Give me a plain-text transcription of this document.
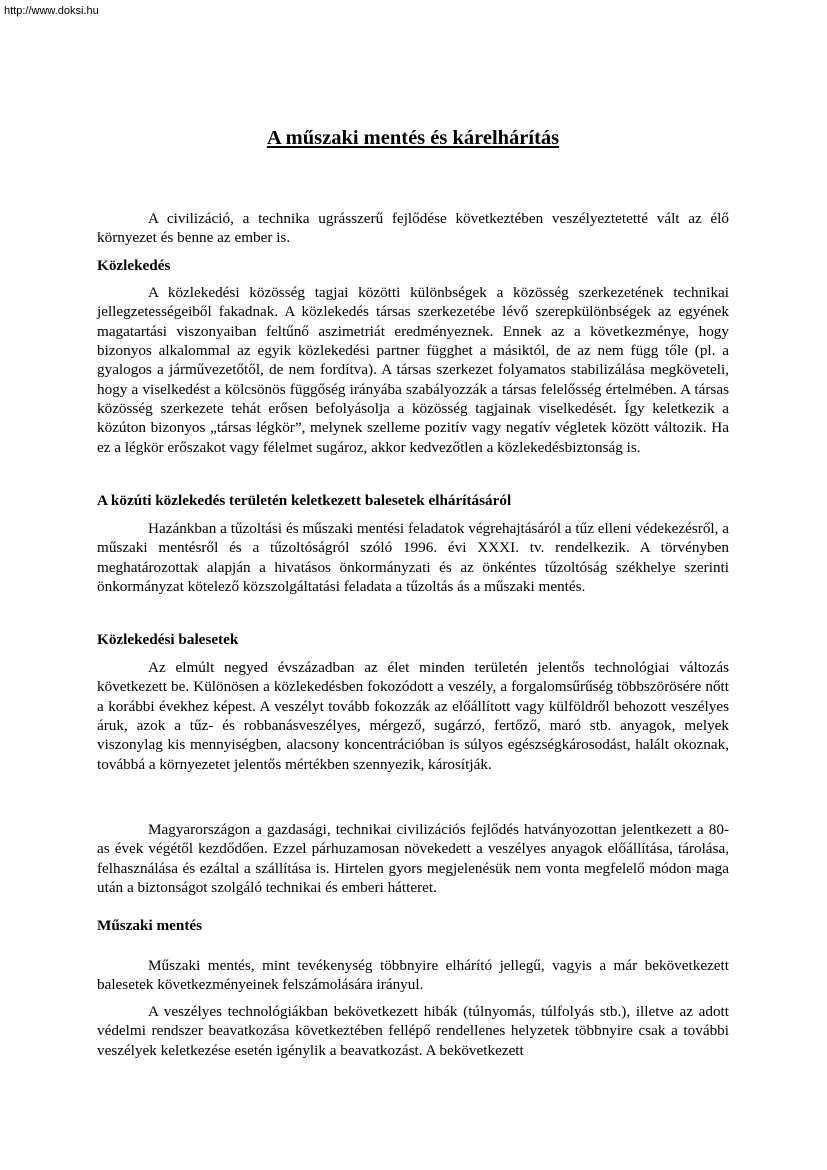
http://www.doksi.hu
A műszaki mentés és kárelhárítás

A civilizáció, a technika ugrásszerű fejlődése következtében veszélyeztetetté vált az élő környezet és benne az ember is.

Közlekedés

A közlekedési közösség tagjai közötti különbségek a közösség szerkezetének technikai jellegzetességeiből fakadnak. A közlekedés társas szerkezetébe lévő szerepkülönbségek az egyének magatartási viszonyaiban feltűnő aszimetriát eredményeznek. Ennek az a következménye, hogy bizonyos alkalommal az egyik közlekedési partner függhet a másiktól, de az nem függ tőle (pl. a gyalogos a járművezetőtől, de nem fordítva). A társas szerkezet folyamatos stabilizálása megköveteli, hogy a viselkedést a kölcsönös függőség irányába szabályozzák a társas felelősség értelmében. A társas közösség szerkezete tehát erősen befolyásolja a közösség tagjainak viselkedését. Így keletkezik a közúton bizonyos „társas légkör”, melynek szelleme pozitív vagy negatív végletek között változik. Ha ez a légkör erőszakot vagy félelmet sugároz, akkor kedvezőtlen a közlekedésbiztonság is.

A közúti közlekedés területén keletkezett balesetek elhárításáról

Hazánkban a tűzoltási és műszaki mentési feladatok végrehajtásáról a tűz elleni védekezésről, a műszaki mentésről és a tűzoltóságról szóló 1996. évi XXXI. tv. rendelkezik. A törvényben meghatározottak alapján a hivatásos önkormányzati és az önkéntes tűzoltóság székhelye szerinti önkormányzat kötelező közszolgáltatási feladata a tűzoltás ás a műszaki mentés.

Közlekedési balesetek

Az elmúlt negyed évszázadban az élet minden területén jelentős technológiai változás következett be. Különösen a közlekedésben fokozódott a veszély, a forgalomsűrűség többszörösére nőtt a korábbi évekhez képest. A veszélyt tovább fokozzák az előállított vagy külföldről behozott veszélyes áruk, azok a tűz- és robbanásveszélyes, mérgező, sugárzó, fertőző, maró stb. anyagok, melyek viszonylag kis mennyiségben, alacsony koncentrációban is súlyos egészségkárosodást, halált okoznak, továbbá a környezetet jelentős mértékben szennyezik, károsítják.

Magyarországon a gazdasági, technikai civilizációs fejlődés hatványozottan jelentkezett a 80-as évek végétől kezdődően. Ezzel párhuzamosan növekedett a veszélyes anyagok előállítása, tárolása, felhasználása és ezáltal a szállítása is. Hirtelen gyors megjelenésük nem vonta megfelelő módon maga után a biztonságot szolgáló technikai és emberi hátteret.

Műszaki mentés

Műszaki mentés, mint tevékenység többnyire elhárító jellegű, vagyis a már bekövetkezett balesetek következményeinek felszámolására irányul.

A veszélyes technológiákban bekövetkezett hibák (túlnyomás, túlfolyás stb.), illetve az adott védelmi rendszer beavatkozása következtében fellépő rendellenes helyzetek többnyire csak a további veszélyek keletkezése esetén igénylik a beavatkozást. A bekövetkezett
